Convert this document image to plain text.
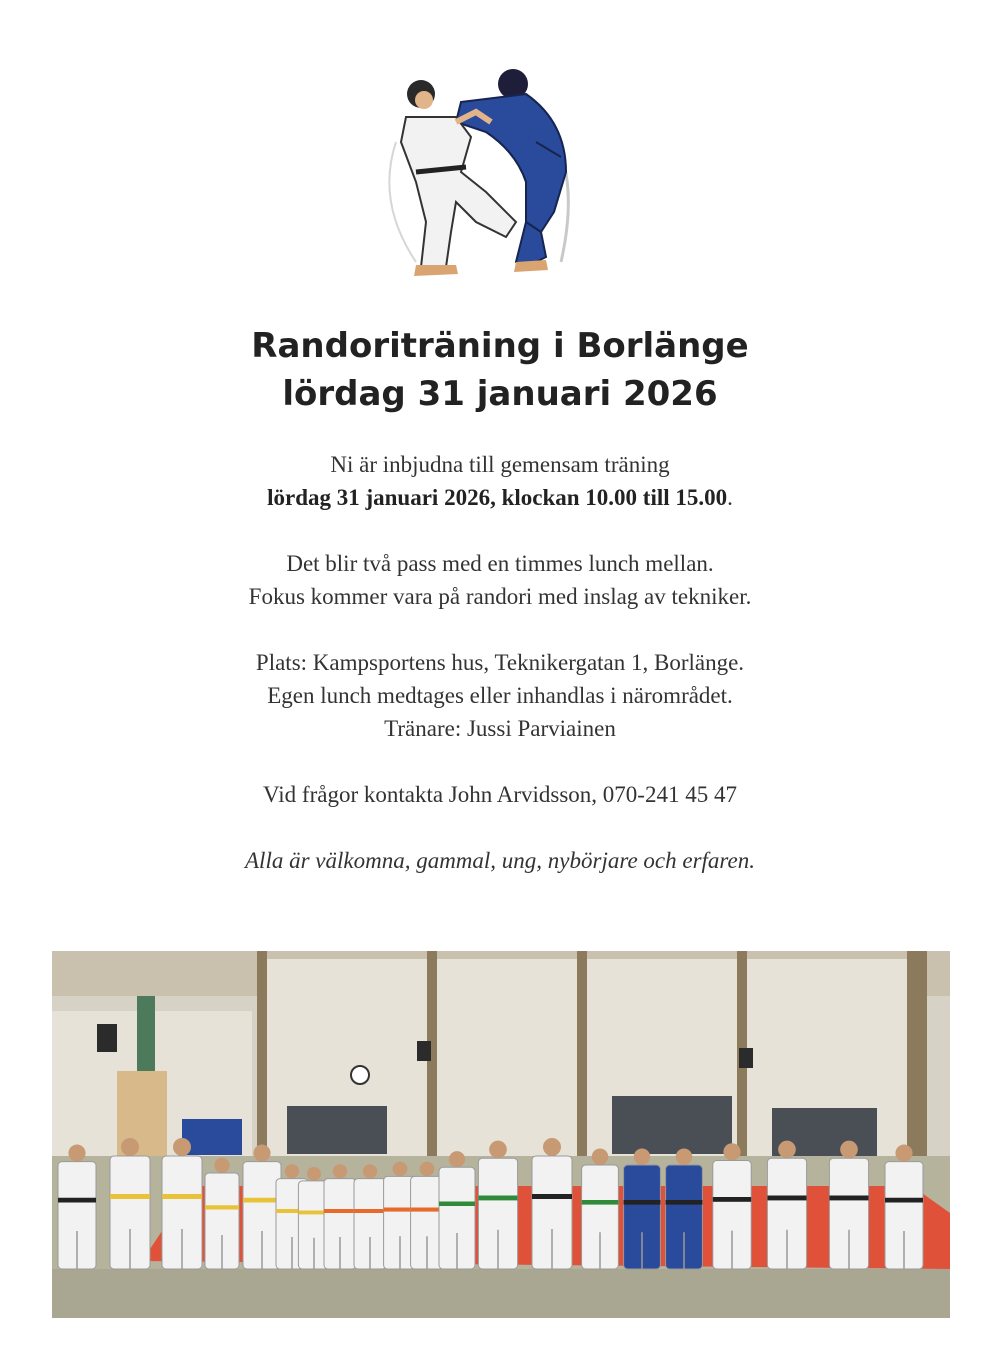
Randoriträning i Borlänge
lördag 31 januari 2026
Ni är inbjudna till gemensam träning
lördag 31 januari 2026, klockan 10.00 till 15.00.
Det blir två pass med en timmes lunch mellan.
Fokus kommer vara på randori med inslag av tekniker.
Plats: Kampsportens hus, Teknikergatan 1, Borlänge.
Egen lunch medtages eller inhandlas i närområdet.
Tränare: Jussi Parviainen
Vid frågor kontakta John Arvidsson, 070-241 45 47
Alla är välkomna, gammal, ung, nybörjare och erfaren.
